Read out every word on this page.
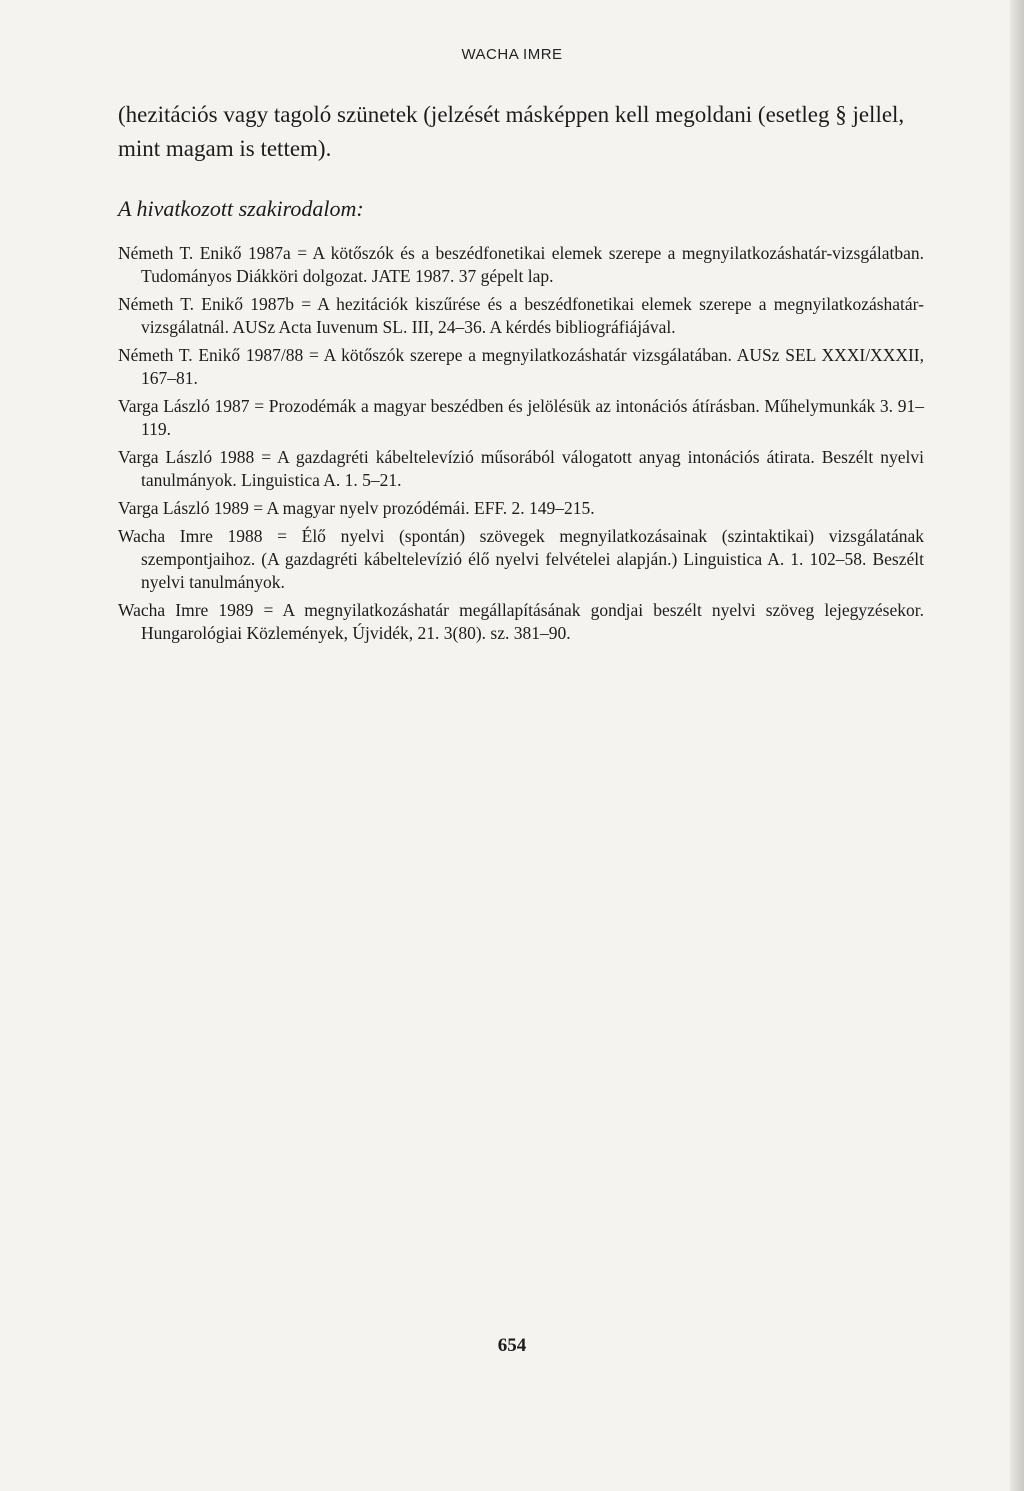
WACHA IMRE

(hezitációs vagy tagoló szünetek (jelzését másképpen kell megoldani (esetleg § jellel, mint magam is tettem).

A hivatkozott szakirodalom:
Németh T. Enikő 1987a = A kötőszók és a beszédfonetikai elemek szerepe a megnyilatkozáshatár-vizsgálatban. Tudományos Diákköri dolgozat. JATE 1987. 37 gépelt lap.
Németh T. Enikő 1987b = A hezitációk kiszűrése és a beszédfonetikai elemek szerepe a megnyilatkozáshatár-vizsgálatnál. AUSz Acta Iuvenum SL. III, 24–36. A kérdés bibliográfiájával.
Németh T. Enikő 1987/88 = A kötőszók szerepe a megnyilatkozáshatár vizsgálatában. AUSz SEL XXXI/XXXII, 167–81.
Varga László 1987 = Prozodémák a magyar beszédben és jelölésük az intonációs átírásban. Műhelymunkák 3. 91–119.
Varga László 1988 = A gazdagréti kábeltelevízió műsorából válogatott anyag intonációs átirata. Beszélt nyelvi tanulmányok. Linguistica A. 1. 5–21.
Varga László 1989 = A magyar nyelv prozódémái. EFF. 2. 149–215.
Wacha Imre 1988 = Élő nyelvi (spontán) szövegek megnyilatkozásainak (szintaktikai) vizsgálatának szempontjaihoz. (A gazdagréti kábeltelevízió élő nyelvi felvételei alapján.) Linguistica A. 1. 102–58. Beszélt nyelvi tanulmányok.
Wacha Imre 1989 = A megnyilatkozáshatár megállapításának gondjai beszélt nyelvi szöveg lejegyzésekor. Hungarológiai Közlemények, Újvidék, 21. 3(80). sz. 381–90.
654
